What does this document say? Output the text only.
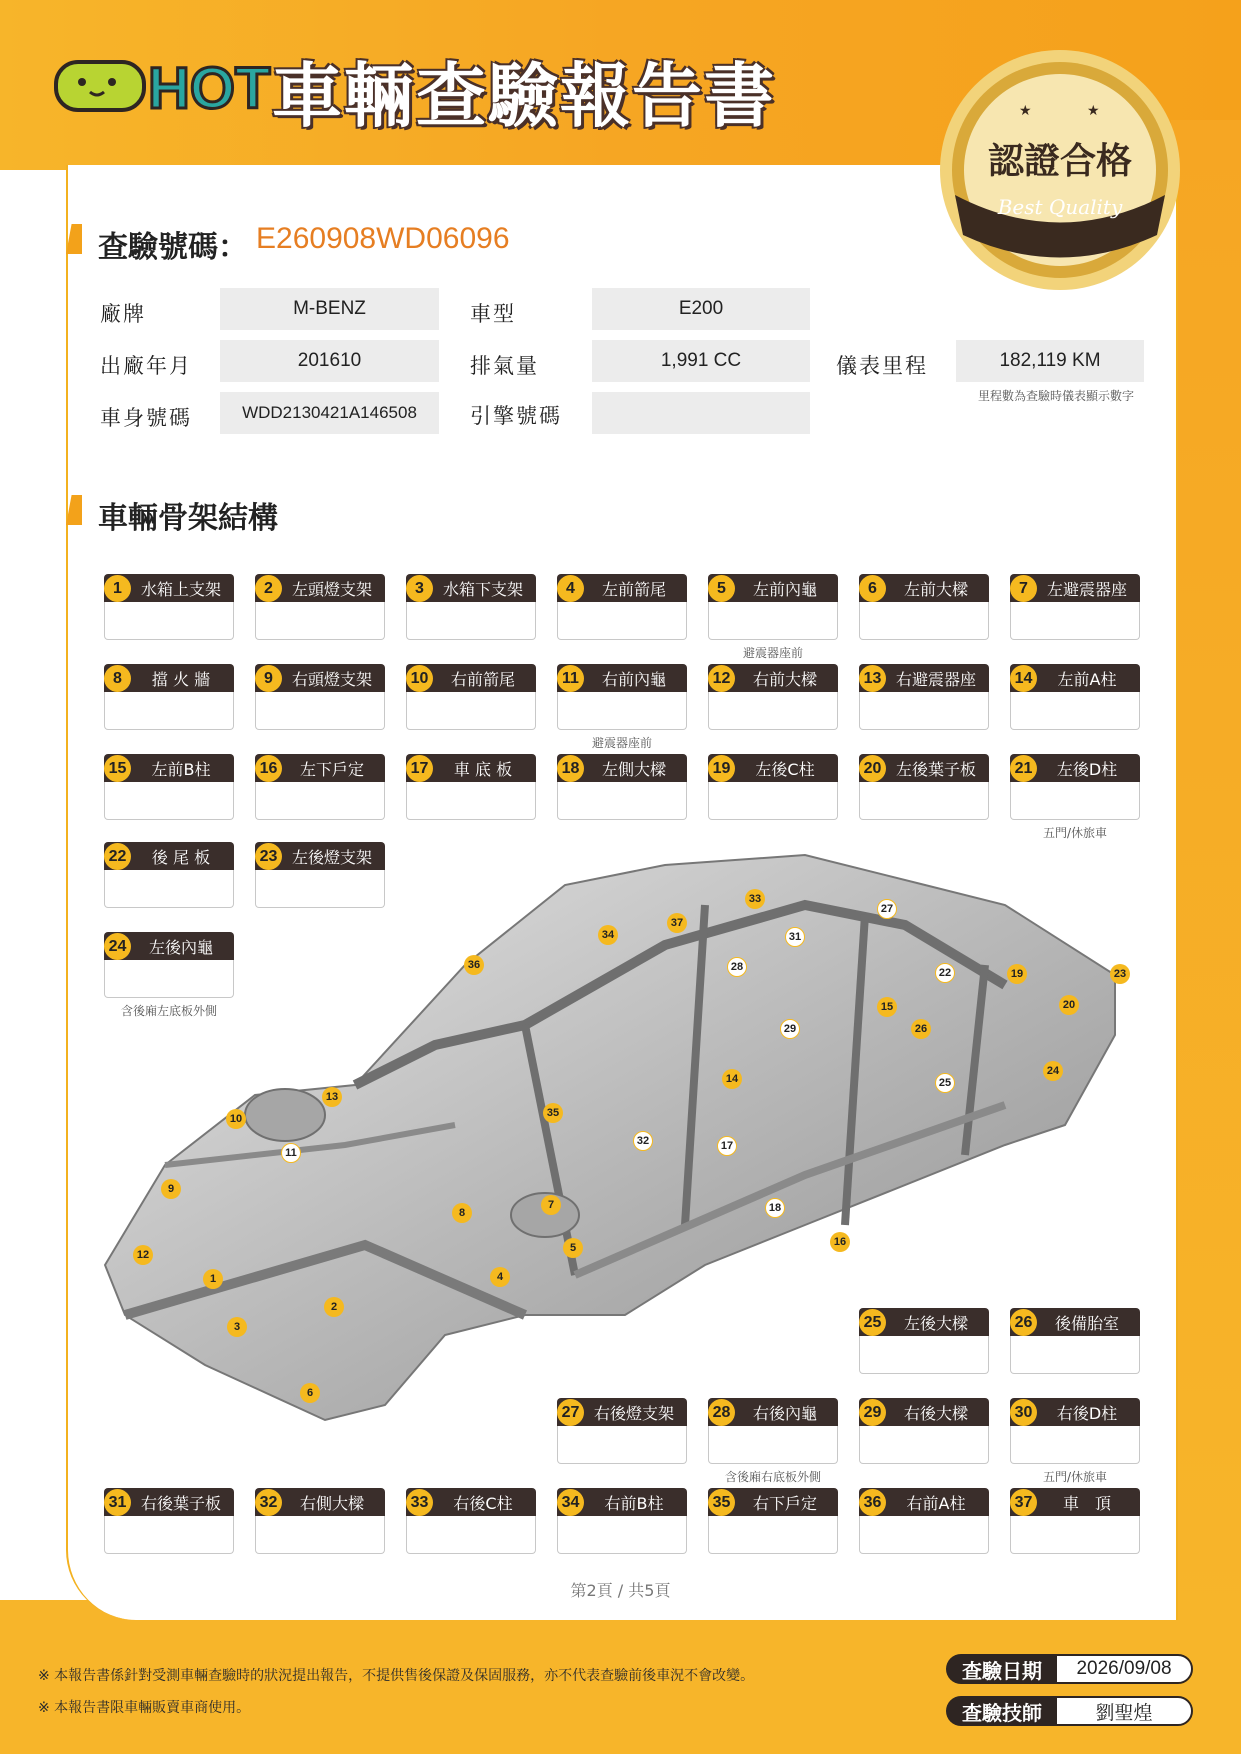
HOT 車輛查驗報告書	★	★
認證合格
Best Quality
查驗號碼： E260908WD06096
廠牌	M-BENZ	車型	E200
出廠年月	201610	排氣量	1,991 CC	儀表里程	182,119 KM
里程數為查驗時儀表顯示數字
車身號碼	WDD2130421A146508	引擎號碼
車輛骨架結構
1
2
3
4
5
6
7
8
9
10
11
12
13
14
15
16
17
18
19
20
22	23
24
25
26
27
28
29
31
32
33
34
35
36
37
1	水箱上支架	2	左頭燈支架	3	水箱下支架	4	左前箭尾	5	左前內龜
避震器座前
6	左前大樑	7	左避震器座
8	擋 火 牆	9	右頭燈支架	10	右前箭尾	11	右前內龜
避震器座前
12	右前大樑	13 右避震器座	14	左前A柱
15	左前B柱	16	左下戶定	17	車 底 板	18	左側大樑	19	左後C柱	20 左後葉子板	21	左後D柱
五門/休旅車
22	後 尾 板	23 左後燈支架
24	左後內龜
含後廂左底板外側
25	左後大樑	26	後備胎室
27 右後燈支架	28	右後內龜
含後廂右底板外側
29	右後大樑	30	右後D柱
五門/休旅車
31 右後葉子板	32	右側大樑	33	右後C柱	34	右前B柱	35	右下戶定	36	右前A柱	37	車　頂
第2頁 / 共5頁
※ 本報告書係針對受測車輛查驗時的狀況提出報告，不提供售後保證及保固服務，亦不代表查驗前後車況不會改變。
※ 本報告書限車輛販賣車商使用。
查驗日期	2026/09/08
查驗技師	劉聖煌
